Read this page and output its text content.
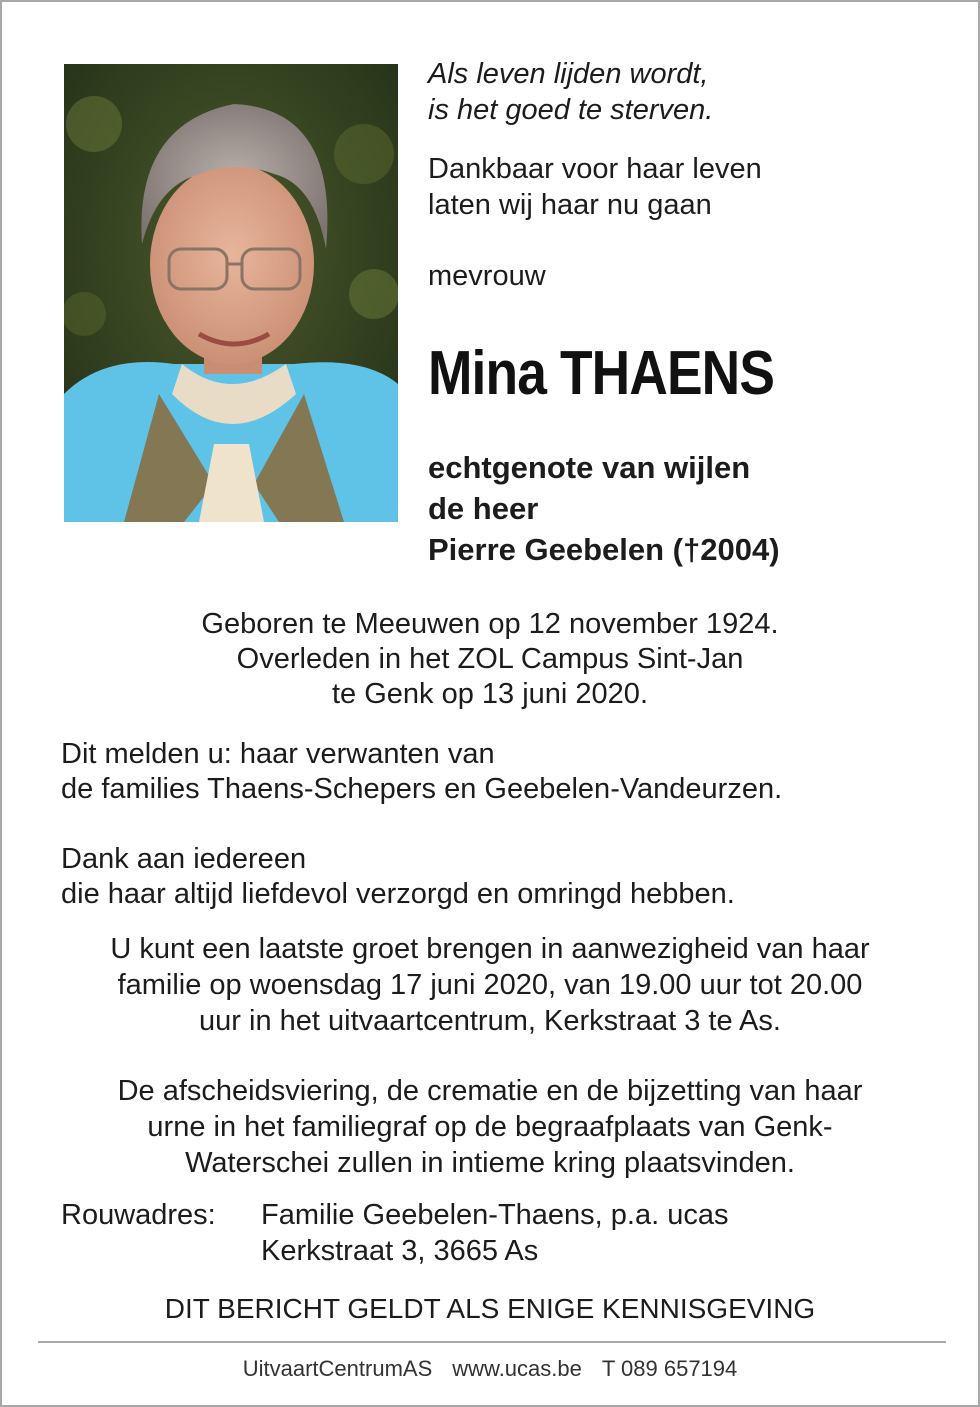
Als leven lijden wordt,
is het goed te sterven.
Dankbaar voor haar leven
laten wij haar nu gaan
mevrouw
Mina THAENS
echtgenote van wijlen
de heer
Pierre Geebelen (†2004)
Geboren te Meeuwen op 12 november 1924.
Overleden in het ZOL Campus Sint-Jan
te Genk op 13 juni 2020.
Dit melden u: haar verwanten van
de families Thaens-Schepers en Geebelen-Vandeurzen.
Dank aan iedereen
die haar altijd liefdevol verzorgd en omringd hebben.
U kunt een laatste groet brengen in aanwezigheid van haar
familie op woensdag 17 juni 2020, van 19.00 uur tot 20.00
uur in het uitvaartcentrum, Kerkstraat 3 te As.
De afscheidsviering, de crematie en de bijzetting van haar
urne in het familiegraf op de begraafplaats van Genk-
Waterschei zullen in intieme kring plaatsvinden.
Rouwadres: Familie Geebelen-Thaens, p.a. ucas
Kerkstraat 3, 3665 As
DIT BERICHT GELDT ALS ENIGE KENNISGEVING
UitvaartCentrumAS www.ucas.be T 089 657194
